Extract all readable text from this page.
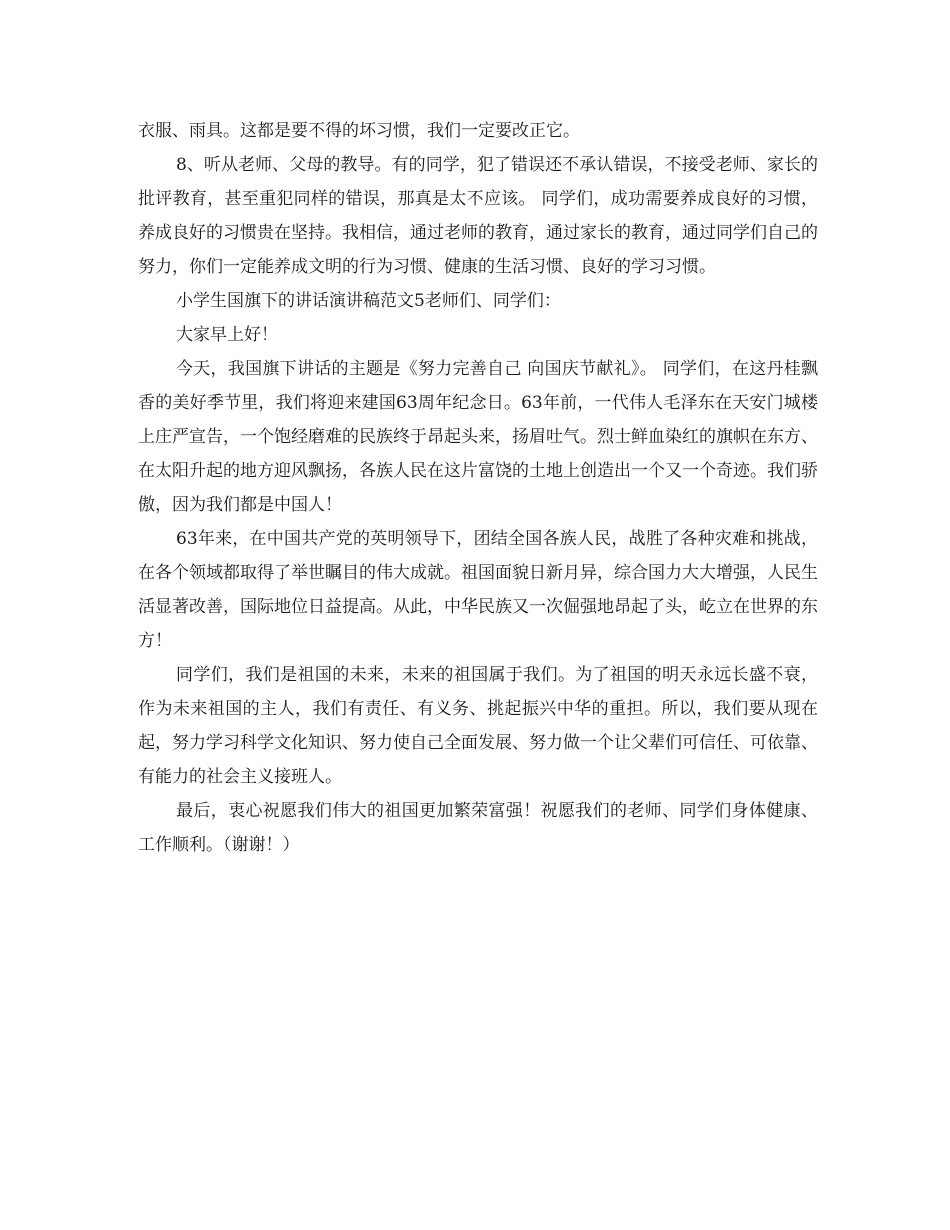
衣服、雨具。这都是要不得的坏习惯，我们一定要改正它。

8、听从老师、父母的教导。有的同学，犯了错误还不承认错误，不接受老师、家长的批评教育，甚至重犯同样的错误，那真是太不应该。 同学们，成功需要养成良好的习惯，养成良好的习惯贵在坚持。我相信，通过老师的教育，通过家长的教育，通过同学们自己的努力，你们一定能养成文明的行为习惯、健康的生活习惯、良好的学习习惯。

小学生国旗下的讲话演讲稿范文5老师们、同学们：

大家早上好！

今天，我国旗下讲话的主题是《努力完善自己 向国庆节献礼》。 同学们，在这丹桂飘香的美好季节里，我们将迎来建国63周年纪念日。63年前，一代伟人毛泽东在天安门城楼上庄严宣告，一个饱经磨难的民族终于昂起头来，扬眉吐气。烈士鲜血染红的旗帜在东方、在太阳升起的地方迎风飘扬，各族人民在这片富饶的土地上创造出一个又一个奇迹。我们骄傲，因为我们都是中国人！

63年来，在中国共产党的英明领导下，团结全国各族人民，战胜了各种灾难和挑战，在各个领域都取得了举世瞩目的伟大成就。祖国面貌日新月异，综合国力大大增强，人民生活显著改善，国际地位日益提高。从此，中华民族又一次倔强地昂起了头，屹立在世界的东方！

同学们，我们是祖国的未来，未来的祖国属于我们。为了祖国的明天永远长盛不衰，作为未来祖国的主人，我们有责任、有义务、挑起振兴中华的重担。所以，我们要从现在起，努力学习科学文化知识、努力使自己全面发展、努力做一个让父辈们可信任、可依靠、有能力的社会主义接班人。

最后，衷心祝愿我们伟大的祖国更加繁荣富强！祝愿我们的老师、同学们身体健康、工作顺利。（谢谢！）
